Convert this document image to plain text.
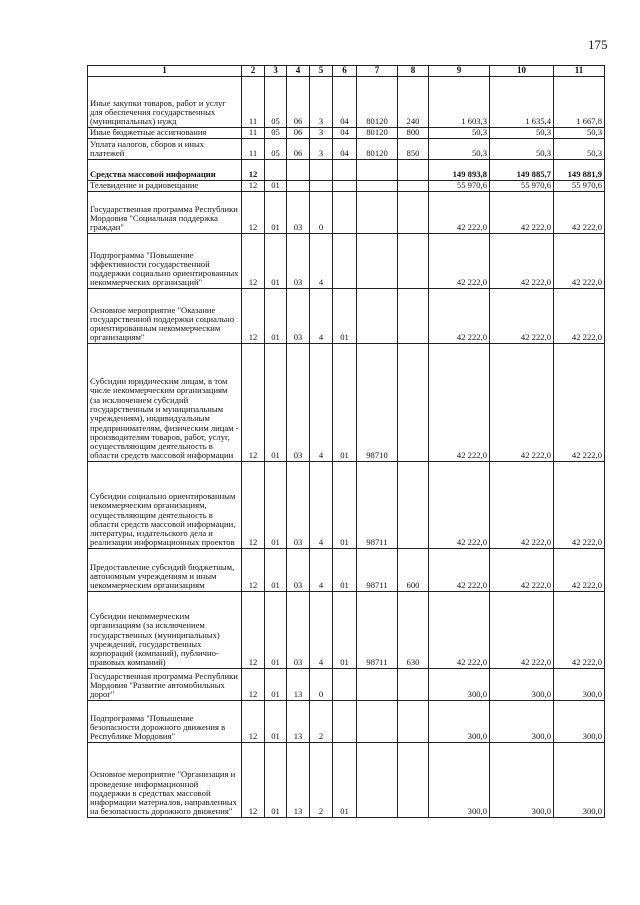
175
1	2	3	4	5	6	7	8	9	10	11
Иные закупки товаров, работ и услуг для обеспечения государственных (муниципальных) нужд	11	05	06	3	04	80120	240	1 603,3	1 635,4	1 667,8
Иные бюджетные ассигнования	11	05	06	3	04	80120	800	50,3	50,3	50,3
Уплата налогов, сборов и иных платежей	11	05	06	3	04	80120	850	50,3	50,3	50,3
Средства массовой информации	12							149 893,8	149 885,7	149 881,9
Телевидение и радиовещание	12	01						55 970,6	55 970,6	55 970,6
Государственная программа Республики Мордовия "Социальная поддержка граждан"	12	01	03	0				42 222,0	42 222,0	42 222,0
Подпрограмма "Повышение эффективности государственной поддержки социально ориентированных некоммерческих организаций"	12	01	03	4				42 222,0	42 222,0	42 222,0
Основное мероприятие "Оказание государственной поддержки социально ориентированным некоммерческим организациям"	12	01	03	4	01			42 222,0	42 222,0	42 222,0
Субсидии юридическим лицам, в том числе некоммерческим организациям (за исключением субсидий государственным и муниципальным учреждениям), индивидуальным предпринимателям, физическим лицам - производителям товаров, работ, услуг, осуществляющим деятельность в области средств массовой информации	12	01	03	4	01	98710		42 222,0	42 222,0	42 222,0
Субсидии социально ориентированным некоммерческим организациям, осуществляющим деятельность в области средств массовой информации, литературы, издательского дела и реализации информационных проектов	12	01	03	4	01	98711		42 222,0	42 222,0	42 222,0
Предоставление субсидий бюджетным, автономным учреждениям и иным некоммерческим организациям	12	01	03	4	01	98711	600	42 222,0	42 222,0	42 222,0
Субсидии некоммерческим организациям (за исключением государственных (муниципальных) учреждений, государственных корпораций (компаний), публично-правовых компаний)	12	01	03	4	01	98711	630	42 222,0	42 222,0	42 222,0
Государственная программа Республики Мордовия "Развитие автомобильных дорог"	12	01	13	0				300,0	300,0	300,0
Подпрограмма "Повышение безопасности дорожного движения в Республике Мордовия"	12	01	13	2				300,0	300,0	300,0
Основное мероприятие "Организация и проведение информационной поддержки в средствах массовой информации материалов, направленных на безопасность дорожного движения"	12	01	13	2	01			300,0	300,0	300,0
